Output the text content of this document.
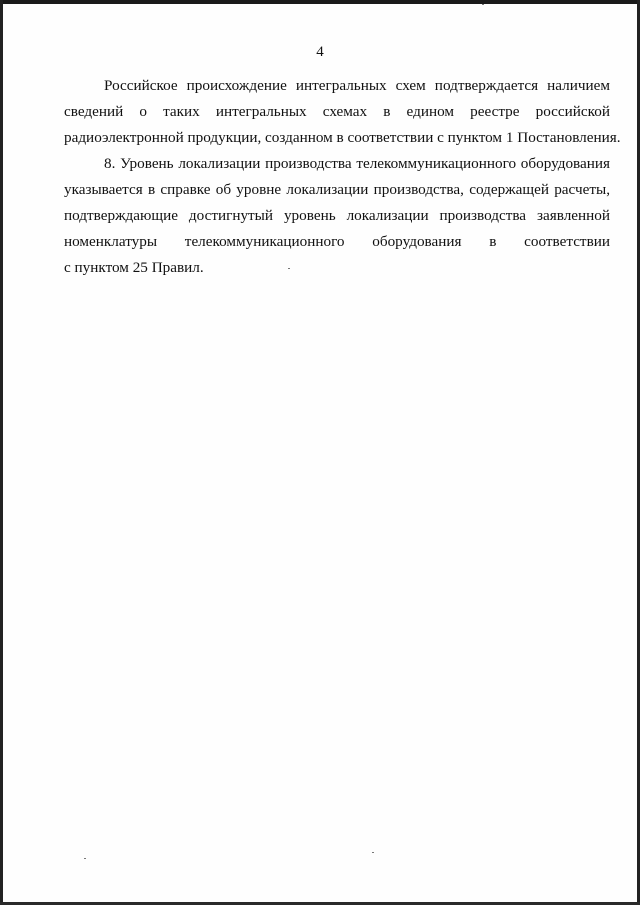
4

Российское происхождение интегральных схем подтверждается наличием
сведений о таких интегральных схемах в едином реестре российской
радиоэлектронной продукции, созданном в соответствии с пунктом 1 Постановления.

8. Уровень локализации производства телекоммуникационного оборудования
указывается в справке об уровне локализации производства, содержащей расчеты,
подтверждающие достигнутый уровень локализации производства заявленной
номенклатуры телекоммуникационного оборудования в соответствии
с пунктом 25 Правил.
